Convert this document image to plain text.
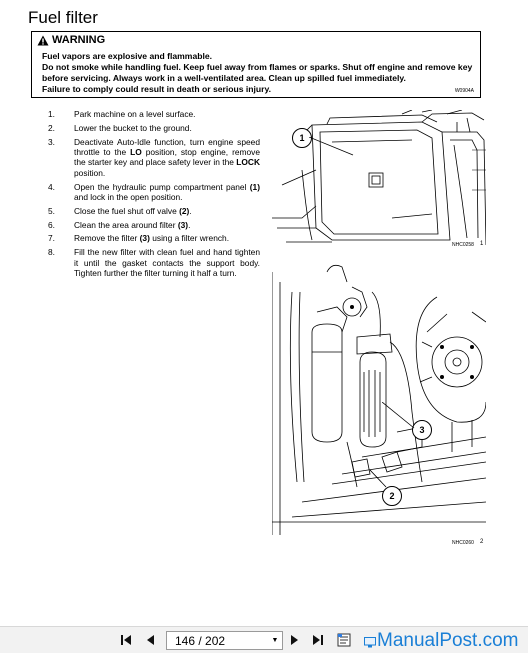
Fuel filter
WARNING
Fuel vapors are explosive and flammable.
Do not smoke while handling fuel. Keep fuel away from flames or sparks. Shut off engine and remove key before servicing. Always work in a well-ventilated area. Clean up spilled fuel immediately.
Failure to comply could result in death or serious injury.	W0904A
1.	Park machine on a level surface.
2.	Lower the bucket to the ground.
3.	Deactivate Auto-Idle function, turn engine speed throttle to the LO position, stop engine, remove the starter key and place safety lever in the LOCK position.
4.	Open the hydraulic pump compartment panel (1) and lock in the open position.
5.	Close the fuel shut off valve (2).
6.	Clean the area around filter (3).
7.	Remove the filter (3) using a filter wrench.
8.	Fill the new filter with clean fuel and hand tighten it until the gasket contacts the support body. Tighten further the filter turning it half a turn.
1
NHC0258 1
3
2
NHC0260 2
146 / 202	▼	ManualPost.com
